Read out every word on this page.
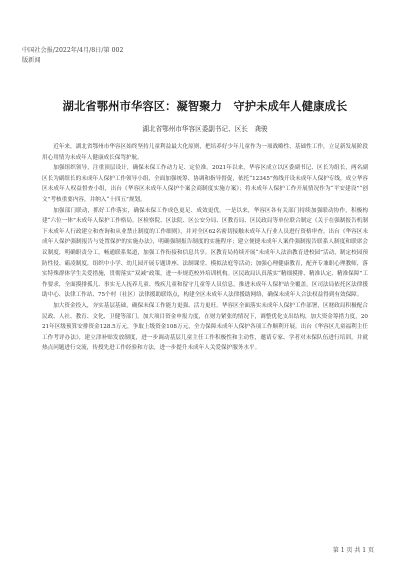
中国社会报/2022年/4月/8日/第 002
版新闻
湖北省鄂州市华容区：凝智聚力　守护未成年人健康成长
湖北省鄂州市华容区委副书记、区长　龚骏

近年来，湖北省鄂州市华容区始终坚持儿童利益最大化原则，把培养好少年儿童作为一项战略性、基础性工作，立足新发展阶段用心用情为未成年人健康成长保驾护航。

加强组织领导，注重顶层设计，确保未保工作动力足、定位准。2021年以来，华容区成立以区委副书记、区长为组长，两名副区长为副组长的未成年人保护工作领导小组，全面加强统筹、协调和指导督促，依托“12345”热线开设未成年人保护专线，成立华容区未成年人权益督查小组，出台《华容区未成年人保护个案会商制度实施方案》；将未成年人保护工作开展情况作为“平安建设”“创文”考核重要内容，并纳入“十四五”规划。

加强部门联动，抓好工作落实，确保未保工作成色更足、成效更优。一是以来，华容区各有关部门持续加强联动协作，积极构建“六位一体”未成年人保护工作格局。区检察院、区法院、区公安分局、区教育局、区民政局等单位联合制定《关于在强制报告机制下未成年人行政建立和查询和从业禁止制度的工作细则》，并对全区62名密切接触未成年人行业人员进行资格审查。出台《华容区未成年人保护强制报告与处置保护的实施办法》，明确强制报告制度的实施程序；建立便捷未成年人案件强制报告联系人制度和联席会议制度，明确职责分工，畅通联系渠道，加强工作衔接和信息共享。区教育局持续开展“未成年人法治教育进校园”活动，制定校园预防性侵、霸凌制度，组织中小学、幼儿园开展专题讲座、法制课堂、模拟法庭等活动；加强心理健康教育，配齐专兼职心理教师，落实特殊群体学生关爱措施，贯彻落实“双减”政策，进一步规范校外培训机构。区民政局认真落实“精细摸排、精准认定、精准保障”工作要求，全面摸排孤儿、事实无人抚养儿童、残疾儿童和留守儿童等人员信息，推进未成年人保护站全覆盖。区司法局依托区法律援助中心、法律工作站、75个村（社区）法律援助联络点，构建全区未成年人法律援助网络，确保未成年人合法权益得到有效保障。

加大资金投入，夯实基层基础，确保未保工作能力更强、活力更旺。华容区全面落实未成年人保护工作部署，区财政局积极配合民政、人社、教育、文化、卫健等部门，加大项目资金申报力度，在财力紧张的情况下，调整优化支出结构，加大资金筹措力度，2021年区级预算安排资金128.5万元，争取上级资金108万元，全力保障未成年人保护各项工作顺利开展。出台《华容区儿童福利主任工作考评办法》，建立津补贴发放制度，进一步调动基层儿童主任工作积极性和主动性，邀请专家、学者对未保队伍进行培训，并就热点问题进行交流，传授先进工作经验和方法，进一步提升未成年人关爱保护服务水平。

第 1 页 共 1 页
